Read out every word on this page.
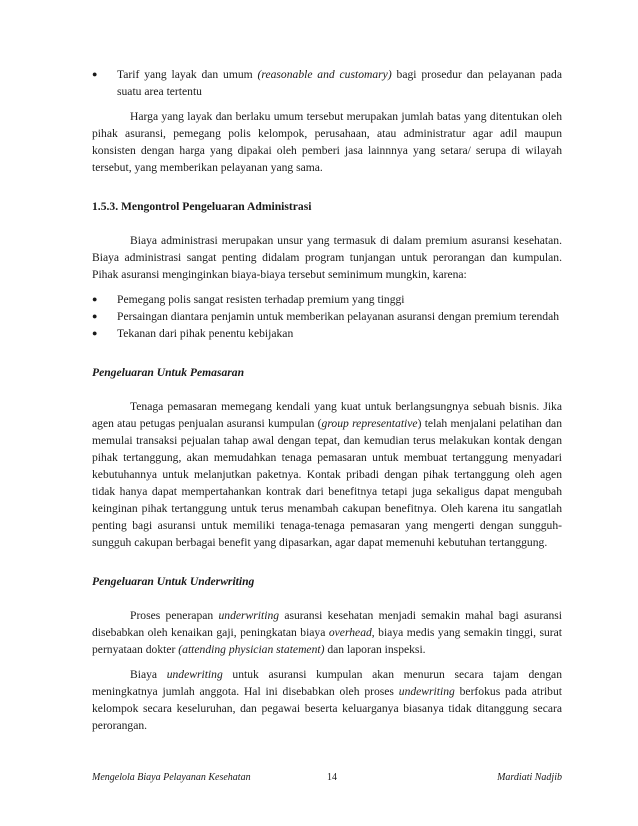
●	Tarif yang layak dan umum (reasonable and customary) bagi prosedur dan pelayanan pada suatu area tertentu

Harga yang layak dan berlaku umum tersebut merupakan jumlah batas yang ditentukan oleh pihak asuransi, pemegang polis kelompok, perusahaan, atau administratur agar adil maupun konsisten dengan harga yang dipakai oleh pemberi jasa lainnnya yang setara/ serupa di wilayah tersebut, yang memberikan pelayanan yang sama.

1.5.3. Mengontrol Pengeluaran Administrasi

Biaya administrasi merupakan unsur yang termasuk di dalam premium asuransi kesehatan. Biaya administrasi sangat penting didalam program tunjangan untuk perorangan dan kumpulan. Pihak asuransi menginginkan biaya-biaya tersebut seminimum mungkin, karena:

●	Pemegang polis sangat resisten terhadap premium yang tinggi
●	Persaingan diantara penjamin untuk memberikan pelayanan asuransi dengan premium terendah
●	Tekanan dari pihak penentu kebijakan
Pengeluaran Untuk Pemasaran

Tenaga pemasaran memegang kendali yang kuat untuk berlangsungnya sebuah bisnis. Jika agen atau petugas penjualan asuransi kumpulan (group representative) telah menjalani pelatihan dan memulai transaksi pejualan tahap awal dengan tepat, dan kemudian terus melakukan kontak dengan pihak tertanggung, akan memudahkan tenaga pemasaran untuk membuat tertanggung menyadari kebutuhannya untuk melanjutkan paketnya. Kontak pribadi dengan pihak tertanggung oleh agen tidak hanya dapat mempertahankan kontrak dari benefitnya tetapi juga sekaligus dapat mengubah keinginan pihak tertanggung untuk terus menambah cakupan benefitnya. Oleh karena itu sangatlah penting bagi asuransi untuk memiliki tenaga-tenaga pemasaran yang mengerti dengan sungguh-sungguh cakupan berbagai benefit yang dipasarkan, agar dapat memenuhi kebutuhan tertanggung.

Pengeluaran Untuk Underwriting

Proses penerapan underwriting asuransi kesehatan menjadi semakin mahal bagi asuransi disebabkan oleh kenaikan gaji, peningkatan biaya overhead, biaya medis yang semakin tinggi, surat pernyataan dokter (attending physician statement) dan laporan inspeksi.

Biaya undewriting untuk asuransi kumpulan akan menurun secara tajam dengan meningkatnya jumlah anggota. Hal ini disebabkan oleh proses undewriting berfokus pada atribut kelompok secara keseluruhan, dan pegawai beserta keluarganya biasanya tidak ditanggung secara perorangan.

Mengelola Biaya Pelayanan Kesehatan	14	Mardiati Nadjib
